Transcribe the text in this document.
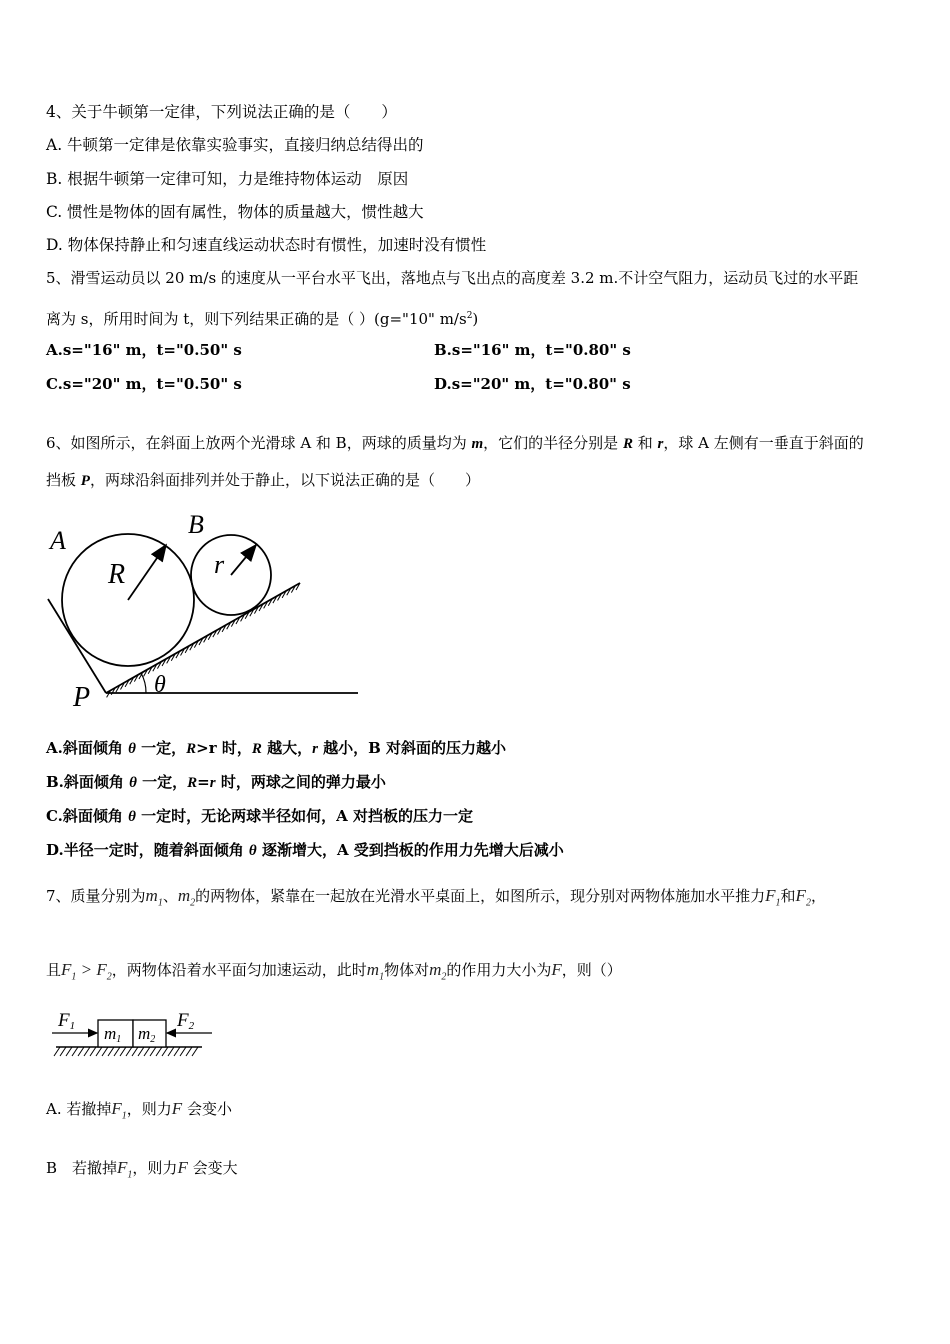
4、关于牛顿第一定律，下列说法正确的是（　　）
A. 牛顿第一定律是依靠实验事实，直接归纳总结得出的
B. 根据牛顿第一定律可知，力是维持物体运动　原因
C. 惯性是物体的固有属性，物体的质量越大，惯性越大
D. 物体保持静止和匀速直线运动状态时有惯性，加速时没有惯性
5、滑雪运动员以 20 m/s 的速度从一平台水平飞出，落地点与飞出点的高度差 3.2 m.不计空气阻力，运动员飞过的水平距
离为 s，所用时间为 t，则下列结果正确的是（ ）(g="10" $m/s^2$)
A.s="16" m，t="0.50" s	B.s="16" m，t="0.80" s
C.s="20" m，t="0.50" s	D.s="20" m，t="0.80" s
6、如图所示，在斜面上放两个光滑球 A 和 B，两球的质量均为 m，它们的半径分别是 R 和 r，球 A 左侧有一垂直于斜面的
挡板 P，两球沿斜面排列并处于静止，以下说法正确的是（　　）
A
B
R	r
P	θ
A.斜面倾角 θ 一定，R>r 时，R 越大，r 越小，B 对斜面的压力越小
B.斜面倾角 θ 一定，R=r 时，两球之间的弹力最小
C.斜面倾角 θ 一定时，无论两球半径如何，A 对挡板的压力一定
D.半径一定时，随着斜面倾角 θ 逐渐增大，A 受到挡板的作用力先增大后减小
7、质量分别为$m_1$、$m_2$的两物体，紧靠在一起放在光滑水平桌面上，如图所示，现分别对两物体施加水平推力$F_1$和$F_2$，
且$F_1 > F_2$，两物体沿着水平面匀加速运动，此时$m_1$物体对$m_2$的作用力大小为F，则（）
F1	F2
m1 m2
A. 若撤掉$F_1$，则力F 会变小
B　若撤掉$F_1$，则力F 会变大
